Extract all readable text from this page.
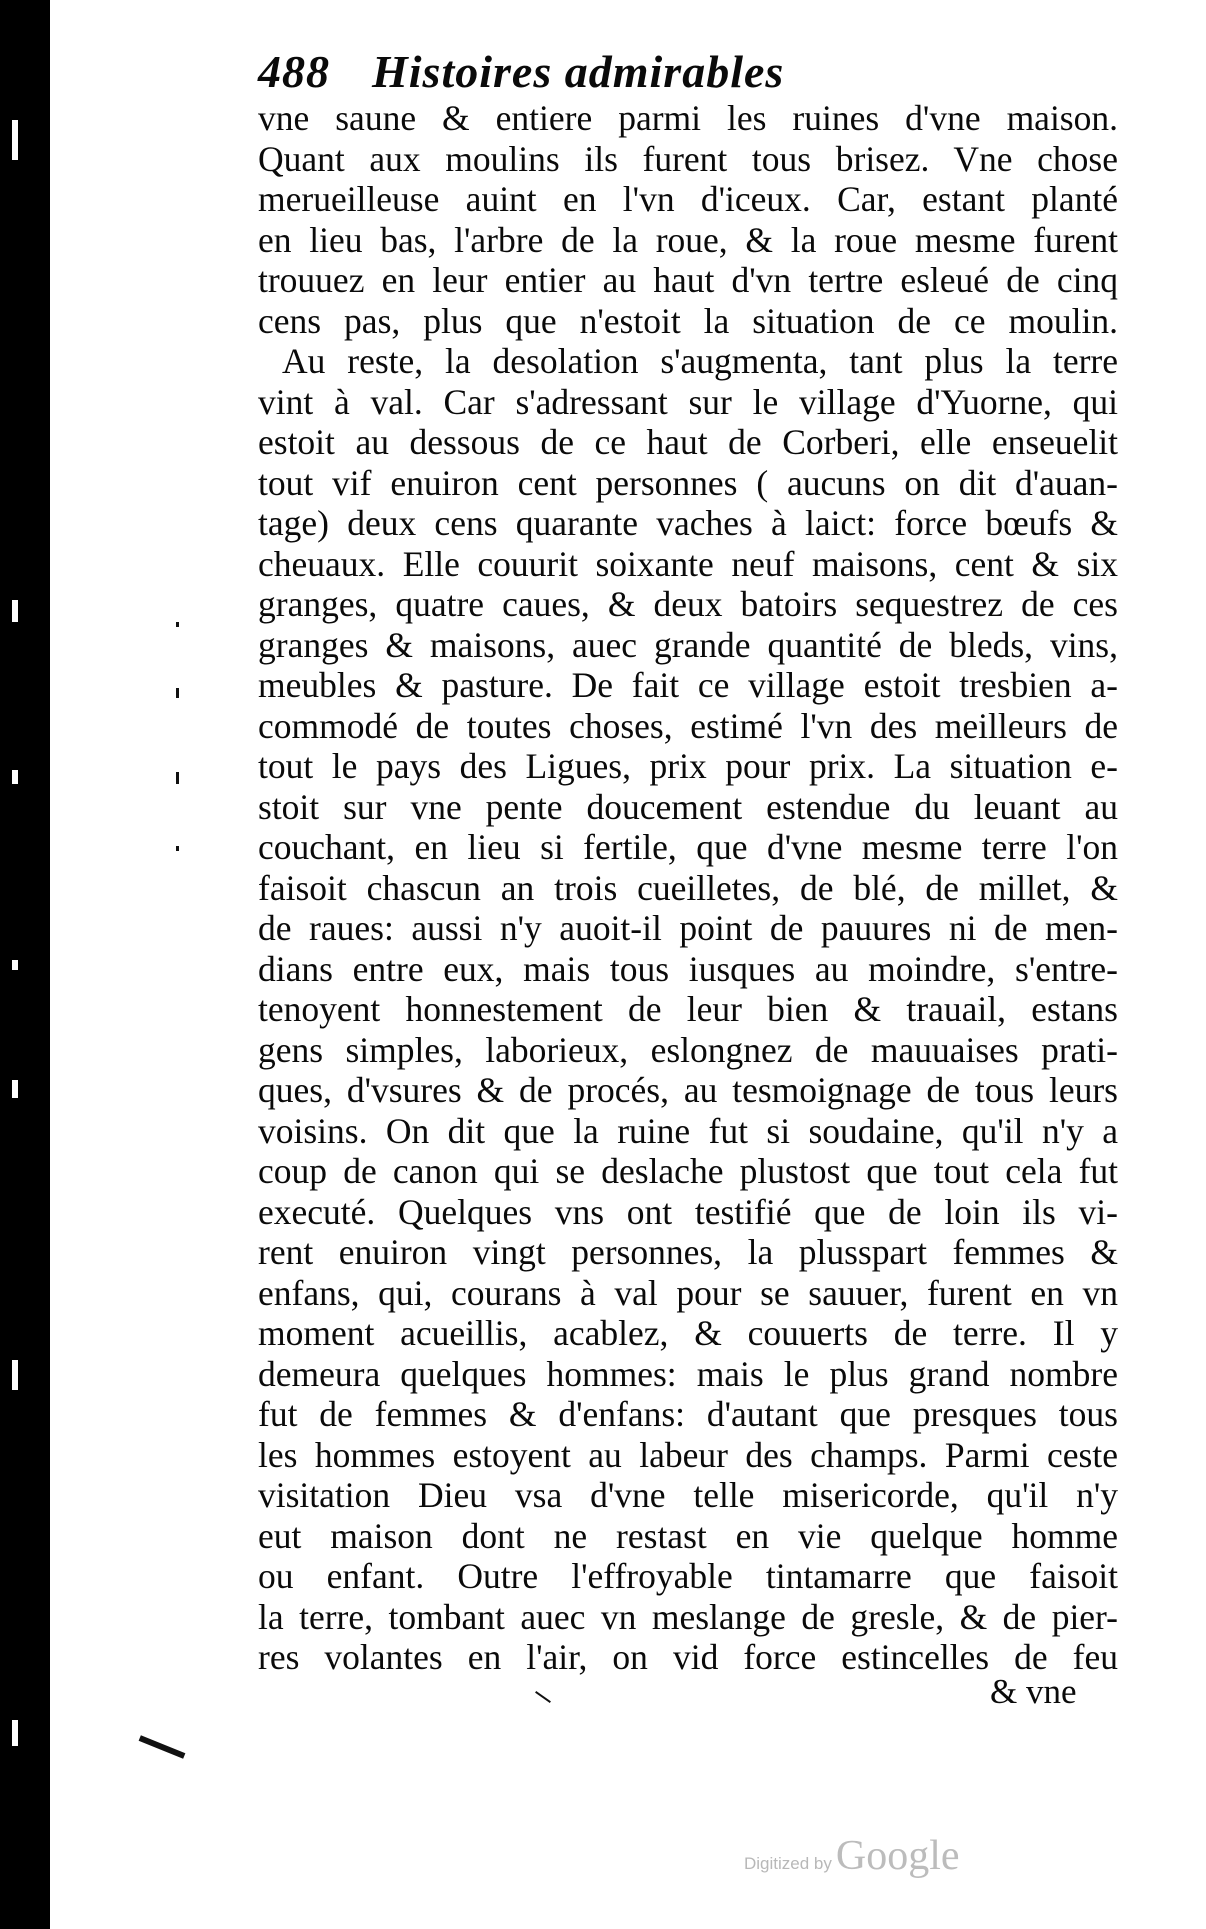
488 Histoires admirables
vne saune & entiere parmi les ruines d'vne maison.
Quant aux moulins ils furent tous brisez. Vne chose
merueilleuse auint en l'vn d'iceux. Car, estant planté
en lieu bas, l'arbre de la roue, & la roue mesme furent
trouuez en leur entier au haut d'vn tertre esleué de cinq
cens pas, plus que n'estoit la situation de ce moulin.
Au reste, la desolation s'augmenta, tant plus la terre
vint à val. Car s'adressant sur le village d'Yuorne, qui
estoit au dessous de ce haut de Corberi, elle enseuelit
tout vif enuiron cent personnes ( aucuns on dit d'auan-
tage) deux cens quarante vaches à laict: force bœufs &
cheuaux. Elle couurit soixante neuf maisons, cent & six
granges, quatre caues, & deux batoirs sequestrez de ces
granges & maisons, auec grande quantité de bleds, vins,
meubles & pasture. De fait ce village estoit tresbien a-
commodé de toutes choses, estimé l'vn des meilleurs de
tout le pays des Ligues, prix pour prix. La situation e-
stoit sur vne pente doucement estendue du leuant au
couchant, en lieu si fertile, que d'vne mesme terre l'on
faisoit chascun an trois cueilletes, de blé, de millet, &
de raues: aussi n'y auoit-il point de pauures ni de men-
dians entre eux, mais tous iusques au moindre, s'entre-
tenoyent honnestement de leur bien & trauail, estans
gens simples, laborieux, eslongnez de mauuaises prati-
ques, d'vsures & de procés, au tesmoignage de tous leurs
voisins. On dit que la ruine fut si soudaine, qu'il n'y a
coup de canon qui se deslache plustost que tout cela fut
executé. Quelques vns ont testifié que de loin ils vi-
rent enuiron vingt personnes, la plusspart femmes &
enfans, qui, courans à val pour se sauuer, furent en vn
moment acueillis, acablez, & couuerts de terre. Il y
demeura quelques hommes: mais le plus grand nombre
fut de femmes & d'enfans: d'autant que presques tous
les hommes estoyent au labeur des champs. Parmi ceste
visitation Dieu vsa d'vne telle misericorde, qu'il n'y
eut maison dont ne restast en vie quelque homme
ou enfant. Outre l'effroyable tintamarre que faisoit
la terre, tombant auec vn meslange de gresle, & de pier-
res volantes en l'air, on vid force estincelles de feu
& vne
Digitized by Google
